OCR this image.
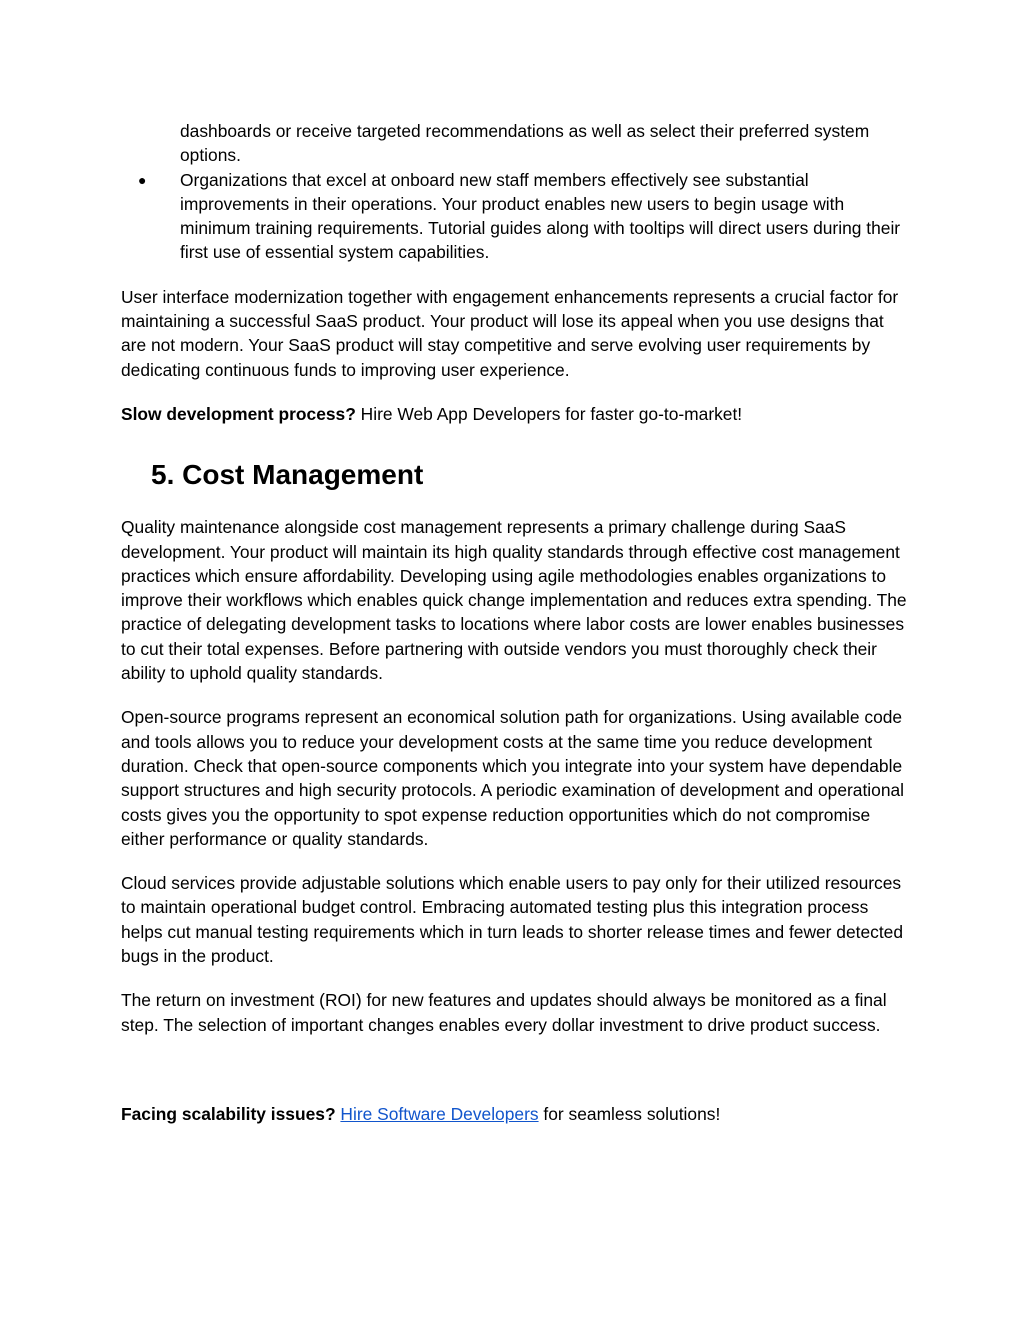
dashboards or receive targeted recommendations as well as select their preferred system options.
● Organizations that excel at onboard new staff members effectively see substantial improvements in their operations. Your product enables new users to begin usage with minimum training requirements. Tutorial guides along with tooltips will direct users during their first use of essential system capabilities.

User interface modernization together with engagement enhancements represents a crucial factor for maintaining a successful SaaS product. Your product will lose its appeal when you use designs that are not modern. Your SaaS product will stay competitive and serve evolving user requirements by dedicating continuous funds to improving user experience.

Slow development process? Hire Web App Developers for faster go-to-market!

5. Cost Management

Quality maintenance alongside cost management represents a primary challenge during SaaS development. Your product will maintain its high quality standards through effective cost management practices which ensure affordability. Developing using agile methodologies enables organizations to improve their workflows which enables quick change implementation and reduces extra spending. The practice of delegating development tasks to locations where labor costs are lower enables businesses to cut their total expenses. Before partnering with outside vendors you must thoroughly check their ability to uphold quality standards.

Open-source programs represent an economical solution path for organizations. Using available code and tools allows you to reduce your development costs at the same time you reduce development duration. Check that open-source components which you integrate into your system have dependable support structures and high security protocols. A periodic examination of development and operational costs gives you the opportunity to spot expense reduction opportunities which do not compromise either performance or quality standards.

Cloud services provide adjustable solutions which enable users to pay only for their utilized resources to maintain operational budget control. Embracing automated testing plus this integration process helps cut manual testing requirements which in turn leads to shorter release times and fewer detected bugs in the product.

The return on investment (ROI) for new features and updates should always be monitored as a final step. The selection of important changes enables every dollar investment to drive product success.

Facing scalability issues? Hire Software Developers for seamless solutions!
